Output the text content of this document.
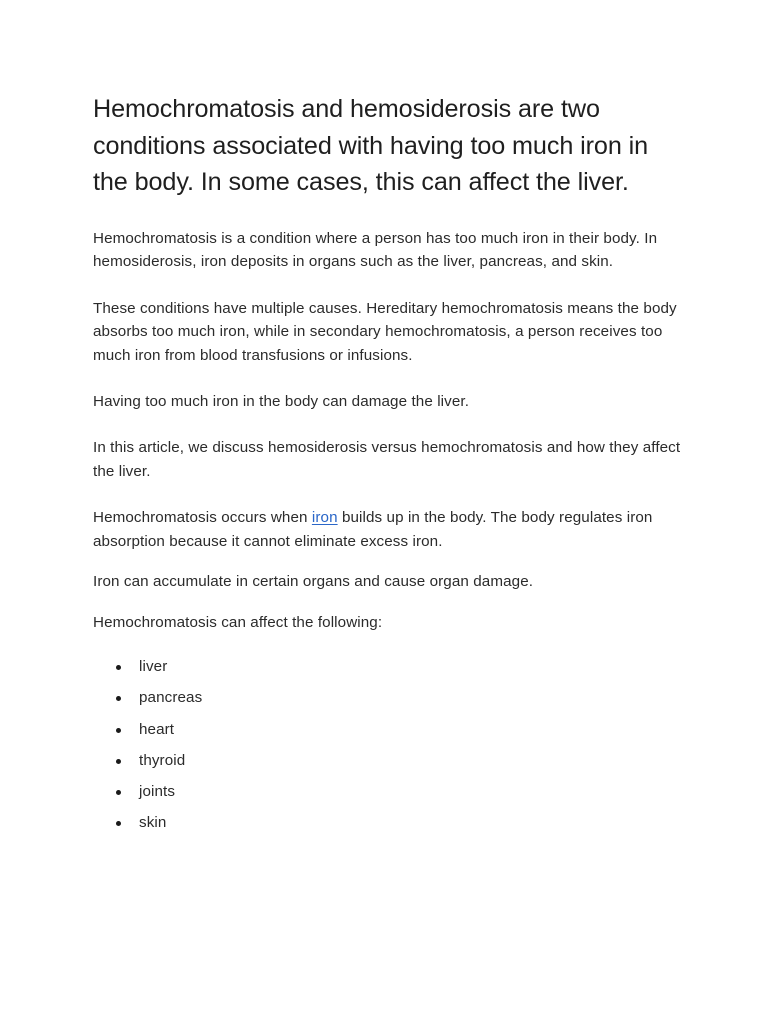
Hemochromatosis and hemosiderosis are two conditions associated with having too much iron in the body. In some cases, this can affect the liver.

Hemochromatosis is a condition where a person has too much iron in their body. In hemosiderosis, iron deposits in organs such as the liver, pancreas, and skin.

These conditions have multiple causes. Hereditary hemochromatosis means the body absorbs too much iron, while in secondary hemochromatosis, a person receives too much iron from blood transfusions or infusions.

Having too much iron in the body can damage the liver.

In this article, we discuss hemosiderosis versus hemochromatosis and how they affect the liver.

Hemochromatosis occurs when iron builds up in the body. The body regulates iron absorption because it cannot eliminate excess iron.

Iron can accumulate in certain organs and cause organ damage.

Hemochromatosis can affect the following:

liver
pancreas
heart
thyroid
joints
skin
